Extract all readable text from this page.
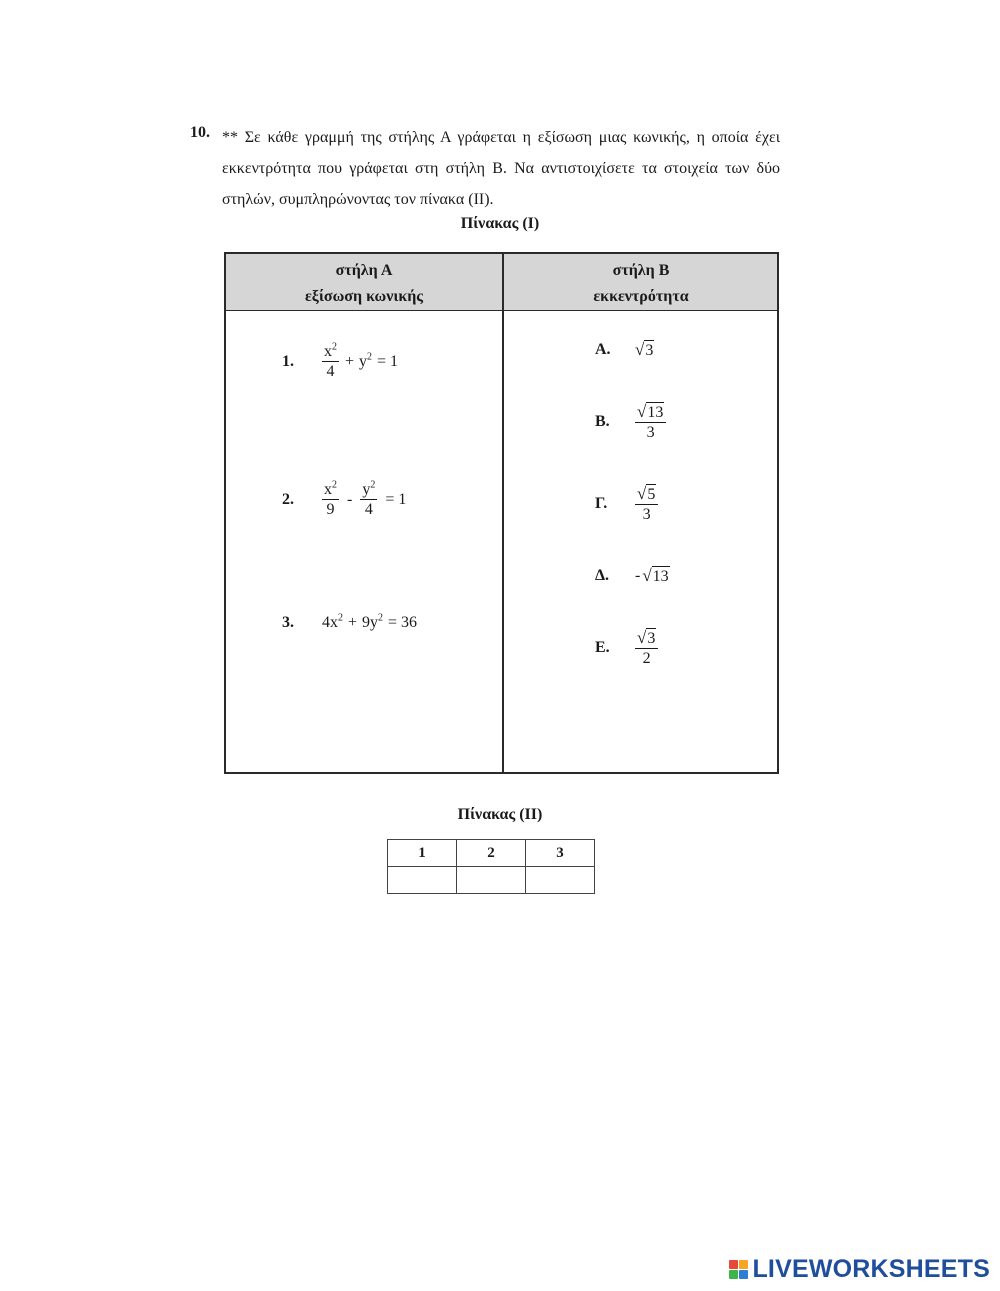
10. ** Σε κάθε γραμμή της στήλης Α γράφεται η εξίσωση μιας κωνικής, η οποία έχει εκκεντρότητα που γράφεται στη στήλη Β. Να αντιστοιχίσετε τα στοιχεία των δύο στηλών, συμπληρώνοντας τον πίνακα (ΙΙ).
Πίνακας (Ι)
στήλη Α
εξίσωση κωνικής
στήλη Β
εκκεντρότητα
1.	$\frac{x^2}{4} + y^2 = 1$
2.	$\frac{x^2}{9} - \frac{y^2}{4} = 1$
3.	$4x^2 + 9y^2 = 36$
Α.	√ 3
Β.	$\frac{√ 13}{3}$
Γ.	$\frac{√ 5}{3}$
Δ.	- √ 13
Ε.	$\frac{√ 3}{2}$
Πίνακας (ΙΙ)
1	2	3

LIVEWORKSHEETS
